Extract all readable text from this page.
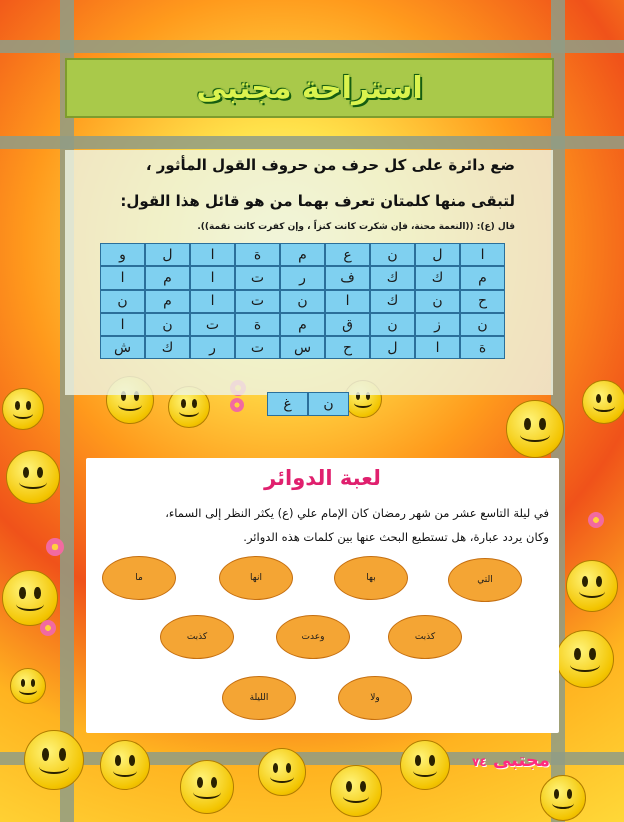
استراحة مجتبى

ضع دائرة على كل حرف من حروف القول المأثور ،

لتبقى منها كلمتان تعرف بهما من هو قائل هذا القول:

قال (ع): ((النعمة محنة، فإن شكرت كانت كنزاً ، وإن كفرت كانت نقمة)).

ا
ل
ن
ع
م
ة
ا
ل
و
م
ك
ك
ف
ر
ت
ا
م
ا
ح
ن
ك
ا
ن
ت
ا
م
ن
ن
ز
ن
ق
م
ة
ت
ن
ا
ة
ا
ل
ح
س
ت
ر
ك
ش
ن
غ
لعبة الدوائر

في ليلة التاسع عشر من شهر رمضان كان الإمام علي (ع) يكثر النظر إلى السماء،

وكان يردد عبارة، هل تستطيع البحث عنها بين كلمات هذه الدوائر.

التي
بها
انها
ما
كذبت
وعدت
كذبت
ولا
الليلة
مجتبى ٧٤
